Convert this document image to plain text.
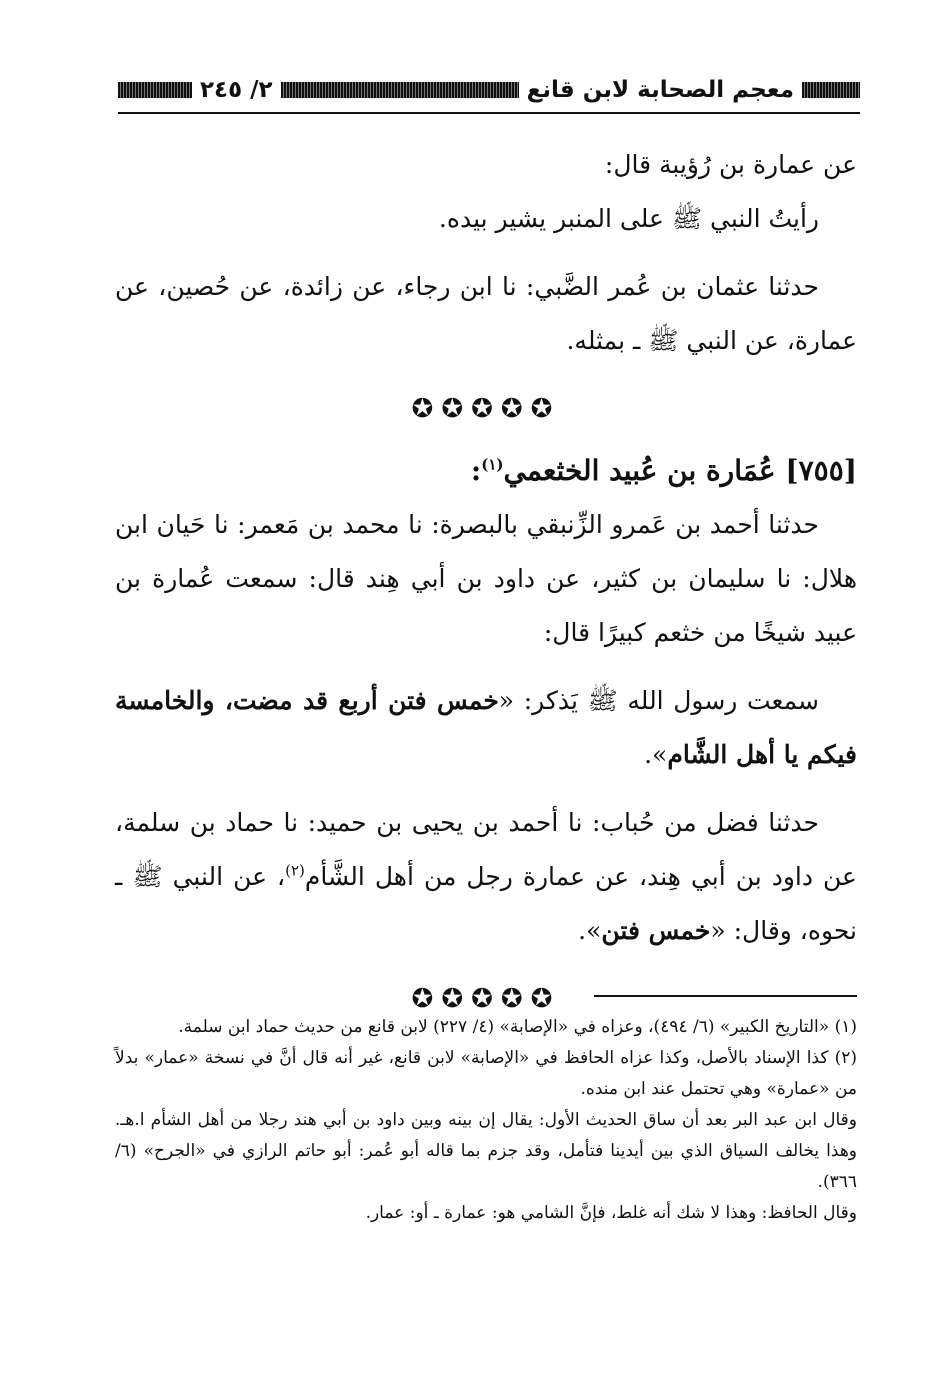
معجم الصحابة لابن قانع
٢/ ٢٤٥

عن عمارة بن رُؤيبة قال:

رأيتُ النبي ﷺ على المنبر يشير بيده.

حدثنا عثمان بن عُمر الضَّبي: نا ابن رجاء، عن زائدة، عن حُصين، عن عمارة، عن النبي ﷺ ـ بمثله.

✪✪✪✪✪

[٧٥٥] عُمَارة بن عُبيد الخثعمي$^{(١)}$:

حدثنا أحمد بن عَمرو الزِّنبقي بالبصرة: نا محمد بن مَعمر: نا حَيان ابن هلال: نا سليمان بن كثير، عن داود بن أبي هِند قال: سمعت عُمارة بن عبيد شيخًا من خثعم كبيرًا قال:

سمعت رسول الله ﷺ يَذكر: «خمس فتن أربع قد مضت، والخامسة فيكم يا أهل الشَّام».

حدثنا فضل من حُباب: نا أحمد بن يحيى بن حميد: نا حماد بن سلمة، عن داود بن أبي هِند، عن عمارة رجل من أهل الشَّأم$^{(٢)}$، عن النبي ﷺ ـ نحوه، وقال: «خمس فتن».

✪✪✪✪✪

(١) «التاريخ الكبير» (٦/ ٤٩٤)، وعزاه في «الإصابة» (٤/ ٢٢٧) لابن قانع من حديث حماد ابن سلمة.

(٢) كذا الإسناد بالأصل، وكذا عزاه الحافظ في «الإصابة» لابن قانع، غير أنه قال أنَّ في نسخة «عمار» بدلاً من «عمارة» وهي تحتمل عند ابن منده.

وقال ابن عبد البر بعد أن ساق الحديث الأول: يقال إن بينه وبين داود بن أبي هند رجلا من أهل الشأم ا.هـ. وهذا يخالف السياق الذي بين أيدينا فتأمل، وقد جزم بما قاله أبو عُمر: أبو حاتم الرازي في «الجرح» (٦/ ٣٦٦).

وقال الحافظ: وهذا لا شك أنه غلط، فإنَّ الشامي هو: عمارة ـ أو: عمار.
